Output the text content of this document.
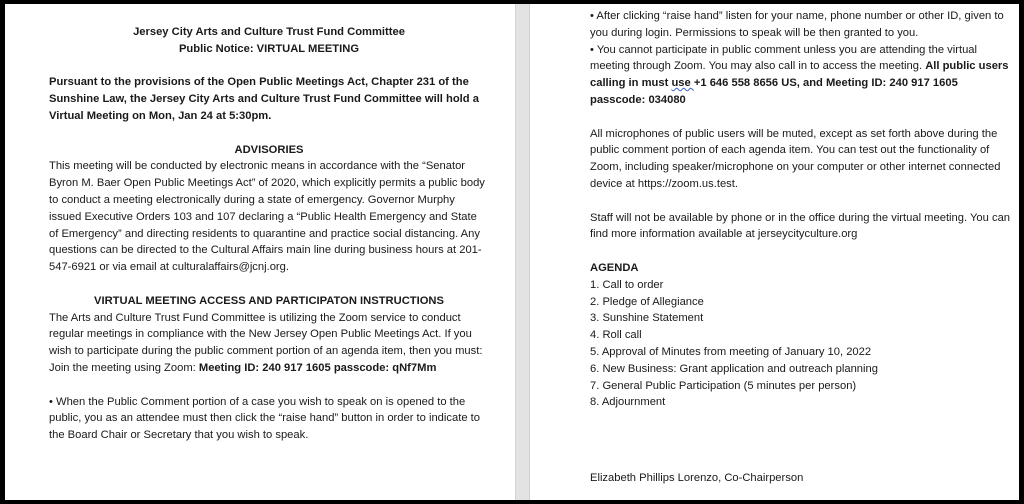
Jersey City Arts and Culture Trust Fund Committee

Public Notice: VIRTUAL MEETING

Pursuant to the provisions of the Open Public Meetings Act, Chapter 231 of the Sunshine Law, the Jersey City Arts and Culture Trust Fund Committee will hold a Virtual Meeting on Mon, Jan 24 at 5:30pm.

ADVISORIES

This meeting will be conducted by electronic means in accordance with the “Senator Byron M. Baer Open Public Meetings Act” of 2020, which explicitly permits a public body to conduct a meeting electronically during a state of emergency. Governor Murphy issued Executive Orders 103 and 107 declaring a “Public Health Emergency and State of Emergency” and directing residents to quarantine and practice social distancing. Any questions can be directed to the Cultural Affairs main line during business hours at 201-547-6921 or via email at culturalaffairs@jcnj.org.

VIRTUAL MEETING ACCESS AND PARTICIPATON INSTRUCTIONS

The Arts and Culture Trust Fund Committee is utilizing the Zoom service to conduct regular meetings in compliance with the New Jersey Open Public Meetings Act. If you wish to participate during the public comment portion of an agenda item, then you must: Join the meeting using Zoom: Meeting ID: 240 917 1605 passcode: qNf7Mm

• When the Public Comment portion of a case you wish to speak on is opened to the public, you as an attendee must then click the “raise hand” button in order to indicate to the Board Chair or Secretary that you wish to speak.

• After clicking “raise hand” listen for your name, phone number or other ID, given to you during login. Permissions to speak will be then granted to you.

• You cannot participate in public comment unless you are attending the virtual meeting through Zoom. You may also call in to access the meeting. All public users calling in must use +1 646 558 8656 US, and Meeting ID: 240 917 1605 passcode: 034080

All microphones of public users will be muted, except as set forth above during the public comment portion of each agenda item. You can test out the functionality of Zoom, including speaker/microphone on your computer or other internet connected device at https://zoom.us.test.

Staff will not be available by phone or in the office during the virtual meeting. You can find more information available at jerseycityculture.org

AGENDA

1. Call to order
2. Pledge of Allegiance
3. Sunshine Statement
4. Roll call
5. Approval of Minutes from meeting of January 10, 2022
6. New Business: Grant application and outreach planning
7. General Public Participation (5 minutes per person)
8. Adjournment

Elizabeth Phillips Lorenzo, Co-Chairperson
